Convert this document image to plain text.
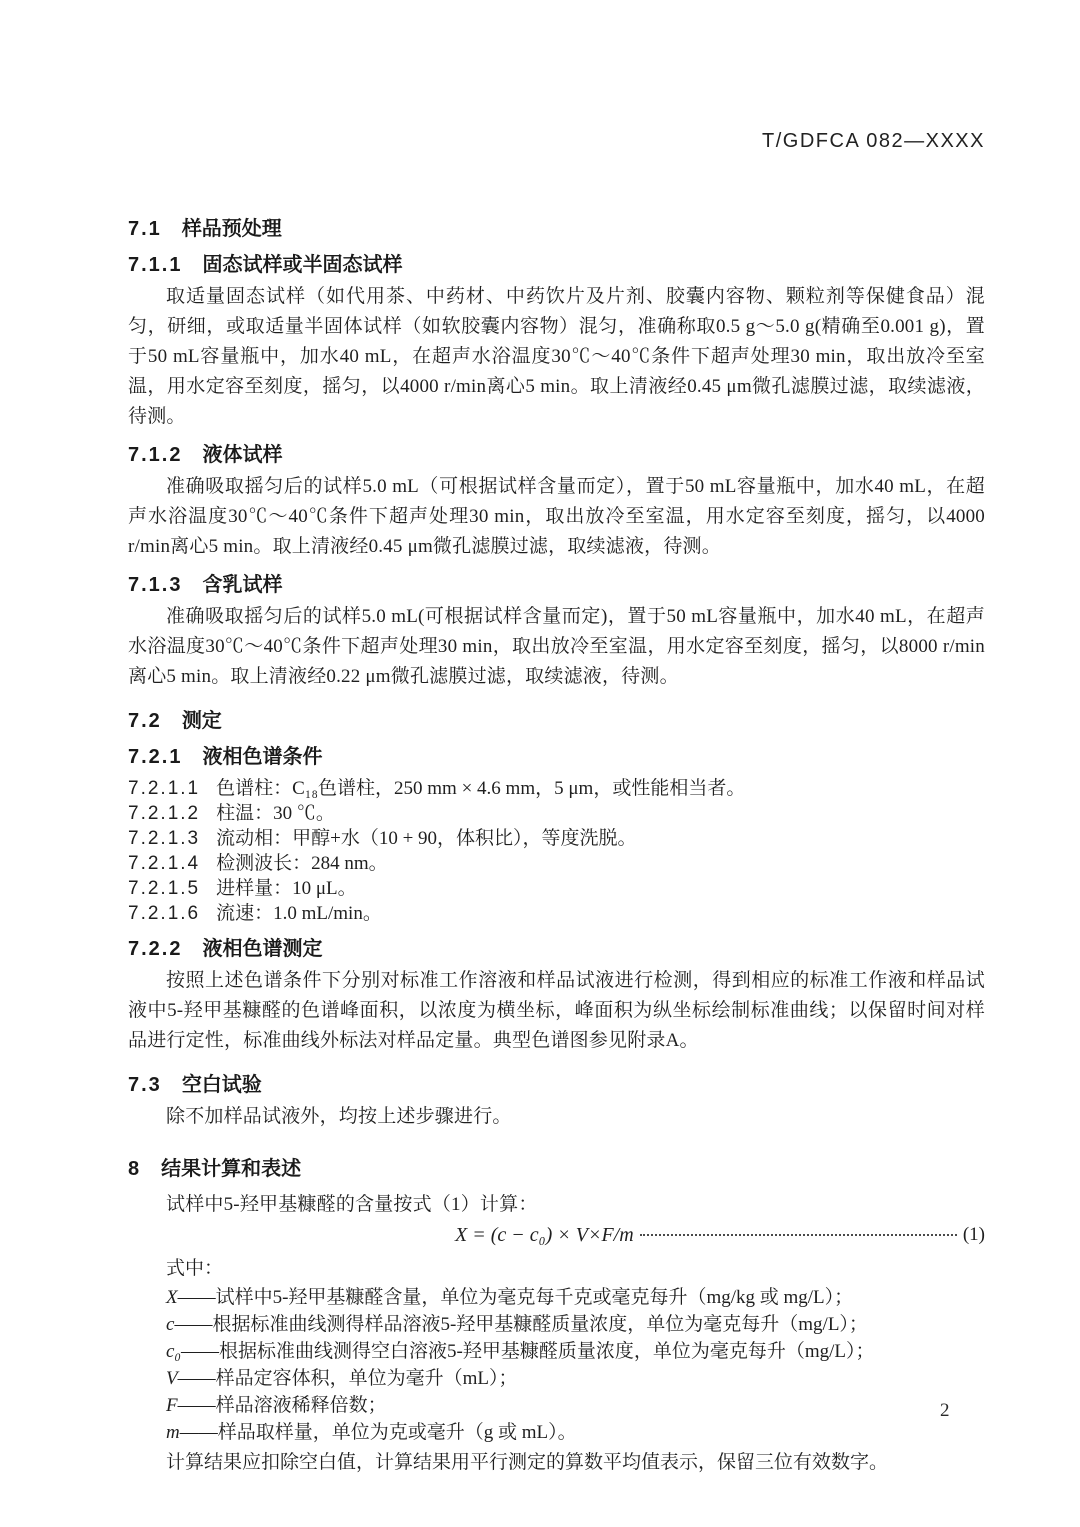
T/GDFCA 082—XXXX
7.1 样品预处理
7.1.1 固态试样或半固态试样
取适量固态试样（如代用茶、中药材、中药饮片及片剂、胶囊内容物、颗粒剂等保健食品）混匀，研细，或取适量半固体试样（如软胶囊内容物）混匀，准确称取0.5 g～5.0 g(精确至0.001 g)，置于50 mL容量瓶中，加水40 mL，在超声水浴温度30℃～40℃条件下超声处理30 min，取出放冷至室温，用水定容至刻度，摇匀，以4000 r/min离心5 min。取上清液经0.45 μm微孔滤膜过滤，取续滤液，待测。
7.1.2 液体试样
准确吸取摇匀后的试样5.0 mL（可根据试样含量而定），置于50 mL容量瓶中，加水40 mL，在超声水浴温度30℃～40℃条件下超声处理30 min，取出放冷至室温，用水定容至刻度，摇匀，以4000 r/min离心5 min。取上清液经0.45 μm微孔滤膜过滤，取续滤液，待测。
7.1.3 含乳试样
准确吸取摇匀后的试样5.0 mL(可根据试样含量而定)，置于50 mL容量瓶中，加水40 mL，在超声水浴温度30℃～40℃条件下超声处理30 min，取出放冷至室温，用水定容至刻度，摇匀，以8000 r/min离心5 min。取上清液经0.22 μm微孔滤膜过滤，取续滤液，待测。
7.2 测定
7.2.1 液相色谱条件
7.2.1.1 色谱柱：C₁₈色谱柱，250 mm × 4.6 mm，5 μm，或性能相当者。
7.2.1.2 柱温：30 ℃。
7.2.1.3 流动相：甲醇+水（10 + 90，体积比），等度洗脱。
7.2.1.4 检测波长：284 nm。
7.2.1.5 进样量：10 μL。
7.2.1.6 流速：1.0 mL/min。
7.2.2 液相色谱测定
按照上述色谱条件下分别对标准工作溶液和样品试液进行检测，得到相应的标准工作液和样品试液中5-羟甲基糠醛的色谱峰面积，以浓度为横坐标，峰面积为纵坐标绘制标准曲线；以保留时间对样品进行定性，标准曲线外标法对样品定量。典型色谱图参见附录A。
7.3 空白试验
除不加样品试液外，均按上述步骤进行。
8 结果计算和表述
试样中5-羟甲基糠醛的含量按式（1）计算：
X = (c − c₀) × V×F/m	(1)
式中：
X——试样中5-羟甲基糠醛含量，单位为毫克每千克或毫克每升（mg/kg 或 mg/L）；
c——根据标准曲线测得样品溶液5-羟甲基糠醛质量浓度，单位为毫克每升（mg/L）；
c₀——根据标准曲线测得空白溶液5-羟甲基糠醛质量浓度，单位为毫克每升（mg/L）；
V——样品定容体积，单位为毫升（mL）；
F——样品溶液稀释倍数；
m——样品取样量，单位为克或毫升（g 或 mL）。
计算结果应扣除空白值，计算结果用平行测定的算数平均值表示，保留三位有效数字。
2
